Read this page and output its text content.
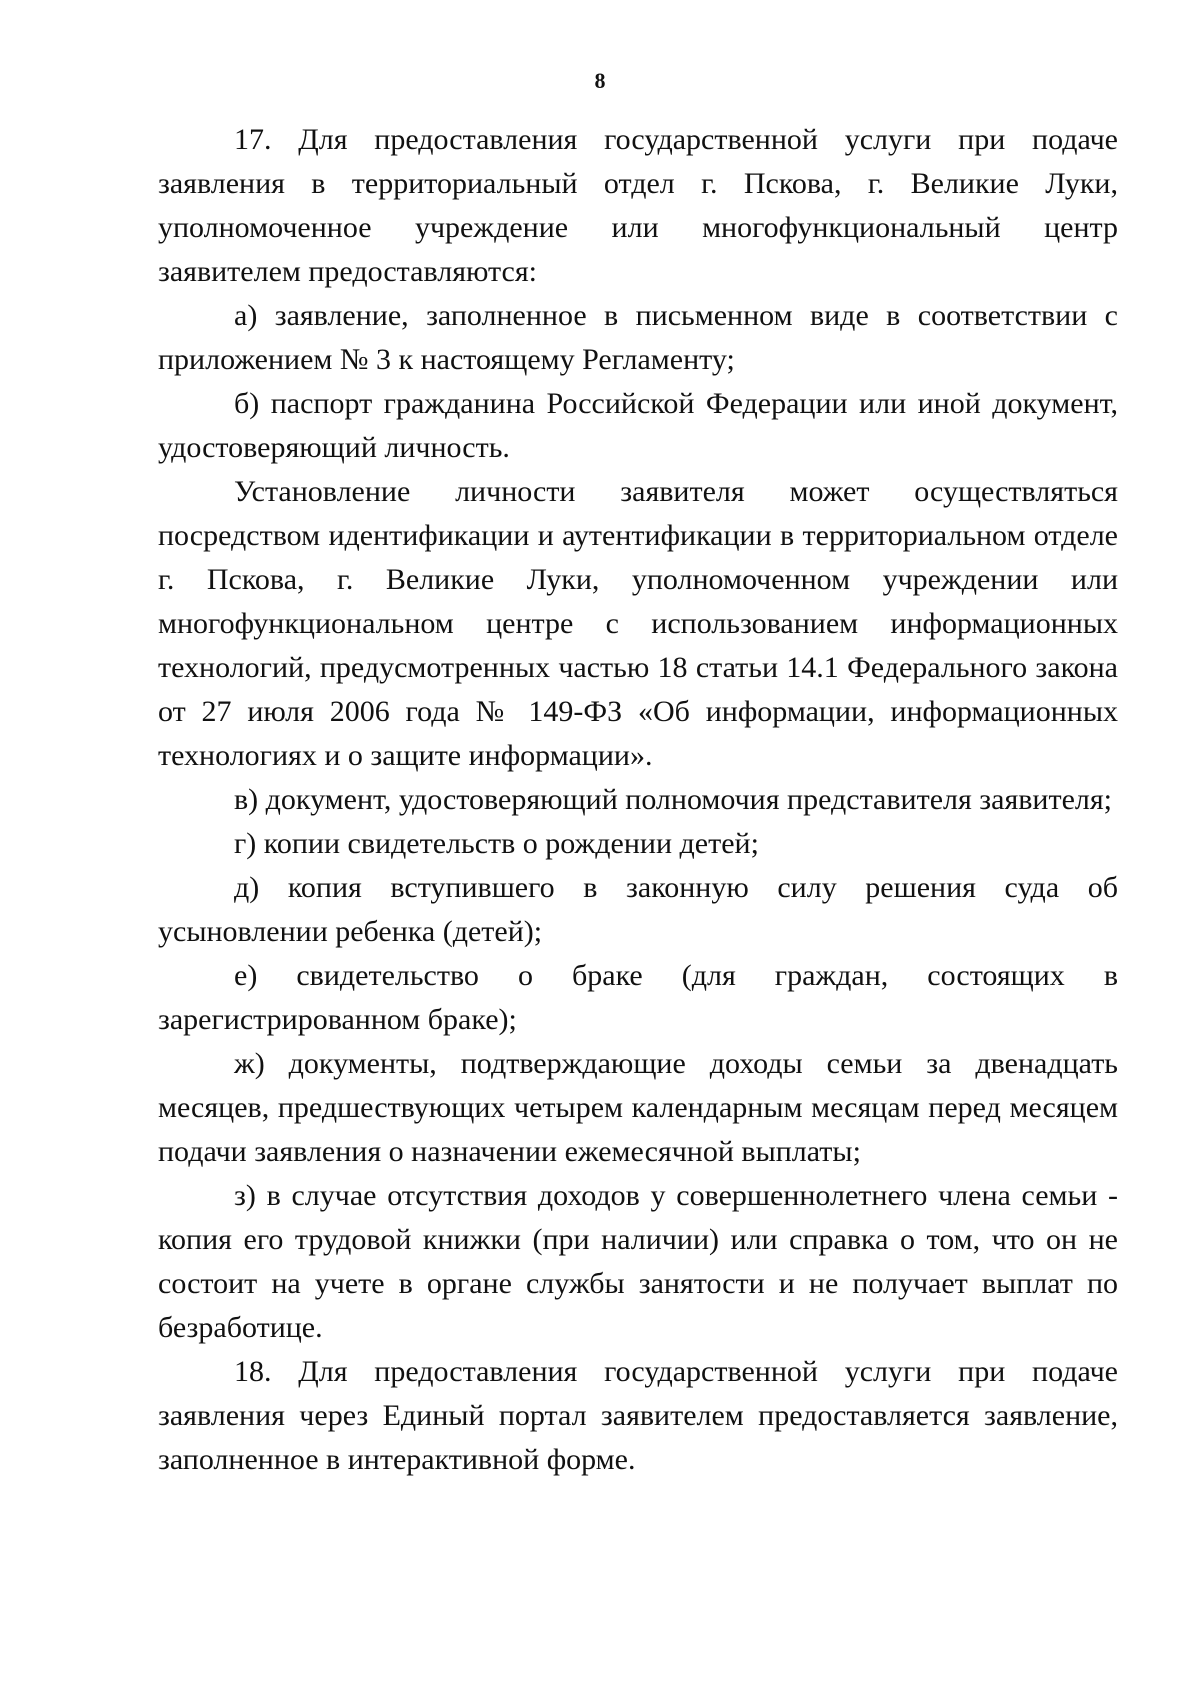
8

17. Для предоставления государственной услуги при подаче заявления в территориальный отдел г. Пскова, г. Великие Луки, уполномоченное учреждение или многофункциональный центр заявителем предоставляются:

а) заявление, заполненное в письменном виде в соответствии с приложением № 3 к настоящему Регламенту;

б) паспорт гражданина Российской Федерации или иной документ, удостоверяющий личность.

Установление личности заявителя может осуществляться посредством идентификации и аутентификации в территориальном отделе г. Пскова, г. Великие Луки, уполномоченном учреждении или многофункциональном центре с использованием информационных технологий, предусмотренных частью 18 статьи 14.1 Федерального закона от 27 июля 2006 года № 149-ФЗ «Об информации, информационных технологиях и о защите информации».

в) документ, удостоверяющий полномочия представителя заявителя;

г) копии свидетельств о рождении детей;

д) копия вступившего в законную силу решения суда об усыновлении ребенка (детей);

е) свидетельство о браке (для граждан, состоящих в зарегистрированном браке);

ж) документы, подтверждающие доходы семьи за двенадцать месяцев, предшествующих четырем календарным месяцам перед месяцем подачи заявления о назначении ежемесячной выплаты;

з) в случае отсутствия доходов у совершеннолетнего члена семьи - копия его трудовой книжки (при наличии) или справка о том, что он не состоит на учете в органе службы занятости и не получает выплат по безработице.

18. Для предоставления государственной услуги при подаче заявления через Единый портал заявителем предоставляется заявление, заполненное в интерактивной форме.
